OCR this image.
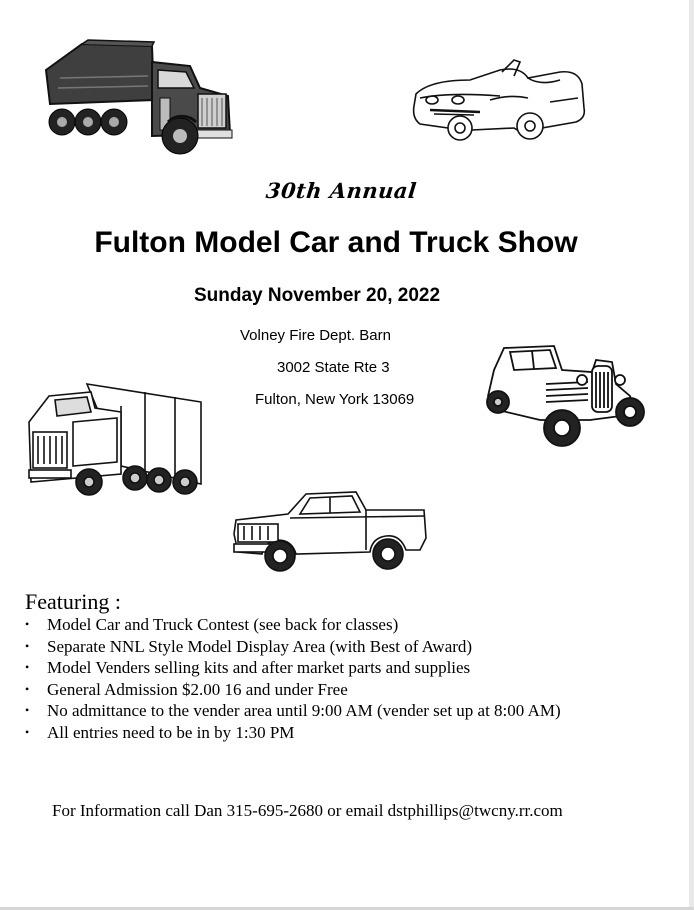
30th Annual
Fulton Model Car and Truck Show
Sunday November 20, 2022
Volney Fire Dept. Barn
3002 State Rte 3
Fulton, New York 13069
Featuring :
• Model Car and Truck Contest (see back for classes)
• Separate NNL Style Model Display Area (with Best of Award)
• Model Venders selling kits and after market parts and supplies
• General Admission $2.00 16 and under Free
• No admittance to the vender area until 9:00 AM (vender set up at 8:00 AM)
• All entries need to be in by 1:30 PM
For Information call Dan 315-695-2680 or email dstphillips@twcny.rr.com
